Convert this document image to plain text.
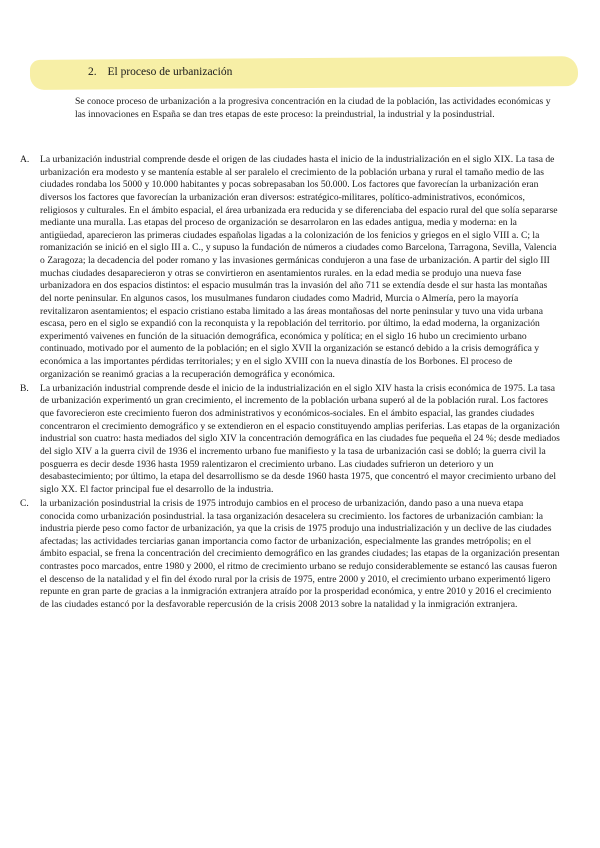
2. El proceso de urbanización

Se conoce proceso de urbanización a la progresiva concentración en la ciudad de la población, las actividades económicas y las innovaciones en España se dan tres etapas de este proceso: la preindustrial, la industrial y la posindustrial.

A. La urbanización industrial comprende desde el origen de las ciudades hasta el inicio de la industrialización en el siglo XIX. La tasa de urbanización era modesto y se mantenía estable al ser paralelo el crecimiento de la población urbana y rural el tamaño medio de las ciudades rondaba los 5000 y 10.000 habitantes y pocas sobrepasaban los 50.000. Los factores que favorecían la urbanización eran diversos los factores que favorecían la urbanización eran diversos: estratégico-militares, político-administrativos, económicos, religiosos y culturales. En el ámbito espacial, el área urbanizada era reducida y se diferenciaba del espacio rural del que solía separarse mediante una muralla. Las etapas del proceso de organización se desarrolaron en las edades antigua, media y moderna: en la antigüedad, aparecieron las primeras ciudades españolas ligadas a la colonización de los fenicios y griegos en el siglo VIII a. C; la romanización se inició en el siglo III a. C., y supuso la fundación de números a ciudades como Barcelona, Tarragona, Sevilla, Valencia o Zaragoza; la decadencia del poder romano y las invasiones germánicas condujeron a una fase de urbanización. A partir del siglo III muchas ciudades desaparecieron y otras se convirtieron en asentamientos rurales. en la edad media se produjo una nueva fase urbanizadora en dos espacios distintos: el espacio musulmán tras la invasión del año 711 se extendía desde el sur hasta las montañas del norte peninsular. En algunos casos, los musulmanes fundaron ciudades como Madrid, Murcia o Almería, pero la mayoría revitalizaron asentamientos; el espacio cristiano estaba limitado a las áreas montañosas del norte peninsular y tuvo una vida urbana escasa, pero en el siglo se expandió con la reconquista y la repoblación del territorio. por último, la edad moderna, la organización experimentó vaivenes en función de la situación demográfica, económica y política; en el siglo 16 hubo un crecimiento urbano continuado, motivado por el aumento de la población; en el siglo XVII la organización se estancó debido a la crisis demográfica y económica a las importantes pérdidas territoriales; y en el siglo XVIII con la nueva dinastía de los Borbones. El proceso de organización se reanimó gracias a la recuperación demográfica y económica.
B. La urbanización industrial comprende desde el inicio de la industrialización en el siglo XIV hasta la crisis económica de 1975. La tasa de urbanización experimentó un gran crecimiento, el incremento de la población urbana superó al de la población rural. Los factores que favorecieron este crecimiento fueron dos administrativos y económicos-sociales. En el ámbito espacial, las grandes ciudades concentraron el crecimiento demográfico y se extendieron en el espacio constituyendo amplias periferias. Las etapas de la organización industrial son cuatro: hasta mediados del siglo XIV la concentración demográfica en las ciudades fue pequeña el 24 %; desde mediados del siglo XIV a la guerra civil de 1936 el incremento urbano fue manifiesto y la tasa de urbanización casi se dobló; la guerra civil la posguerra es decir desde 1936 hasta 1959 ralentizaron el crecimiento urbano. Las ciudades sufrieron un deterioro y un desabastecimiento; por último, la etapa del desarrollismo se da desde 1960 hasta 1975, que concentró el mayor crecimiento urbano del siglo XX. El factor principal fue el desarrollo de la industria.
C. la urbanización posindustrial la crisis de 1975 introdujo cambios en el proceso de urbanización, dando paso a una nueva etapa conocida como urbanización posindustrial. la tasa organización desacelera su crecimiento. los factores de urbanización cambian: la industria pierde peso como factor de urbanización, ya que la crisis de 1975 produjo una industrialización y un declive de las ciudades afectadas; las actividades terciarias ganan importancia como factor de urbanización, especialmente las grandes metrópolis; en el ámbito espacial, se frena la concentración del crecimiento demográfico en las grandes ciudades; las etapas de la organización presentan contrastes poco marcados, entre 1980 y 2000, el ritmo de crecimiento urbano se redujo considerablemente se estancó las causas fueron el descenso de la natalidad y el fin del éxodo rural por la crisis de 1975, entre 2000 y 2010, el crecimiento urbano experimentó ligero repunte en gran parte de gracias a la inmigración extranjera atraído por la prosperidad económica, y entre 2010 y 2016 el crecimiento de las ciudades estancó por la desfavorable repercusión de la crisis 2008 2013 sobre la natalidad y la inmigración extranjera.
